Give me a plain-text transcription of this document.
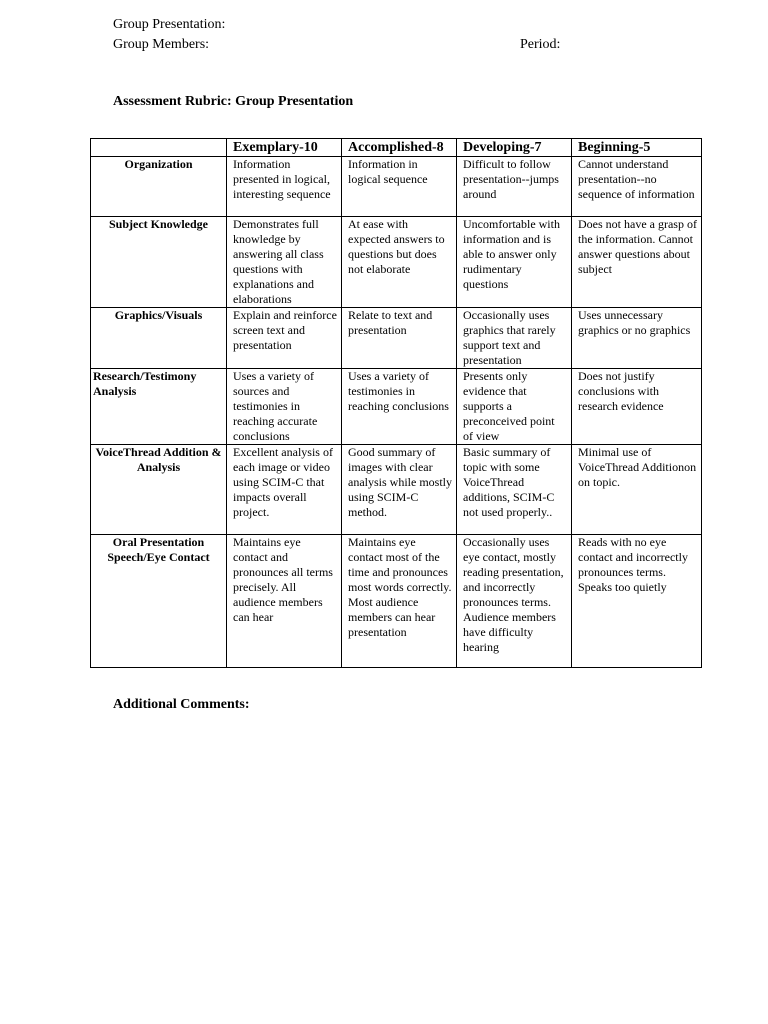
Group Presentation:
Group Members:	Period:
Assessment Rubric: Group Presentation
	Exemplary-10	Accomplished-8	Developing-7	Beginning-5
Organization	Information presented in logical, interesting sequence	Information in logical sequence	Difficult to follow presentation--jumps around	Cannot understand presentation--no sequence of information
Subject Knowledge	Demonstrates full knowledge by answering all class questions with explanations and elaborations	At ease with expected answers to questions but does not elaborate	Uncomfortable with information and is able to answer only rudimentary questions	Does not have a grasp of the information. Cannot answer questions about subject
Graphics/Visuals	Explain and reinforce screen text and presentation	Relate to text and presentation	Occasionally uses graphics that rarely support text and presentation	Uses unnecessary graphics or no graphics
Research/Testimony Analysis	Uses a variety of sources and testimonies in reaching accurate conclusions	Uses a variety of testimonies in reaching conclusions	Presents only evidence that supports a preconceived point of view	Does not justify conclusions with research evidence
VoiceThread Addition & Analysis	Excellent analysis of each image or video using SCIM-C that impacts overall project.	Good summary of images with clear analysis while mostly using SCIM-C method.	Basic summary of topic with some VoiceThread additions, SCIM-C not used properly..	Minimal use of VoiceThread Additionon on topic.
Oral Presentation Speech/Eye Contact	Maintains eye contact and pronounces all terms precisely. All audience members can hear	Maintains eye contact most of the time and pronounces most words correctly. Most audience members can hear presentation	Occasionally uses eye contact, mostly reading presentation, and incorrectly pronounces terms. Audience members have difficulty hearing	Reads with no eye contact and incorrectly pronounces terms. Speaks too quietly
Additional Comments:
